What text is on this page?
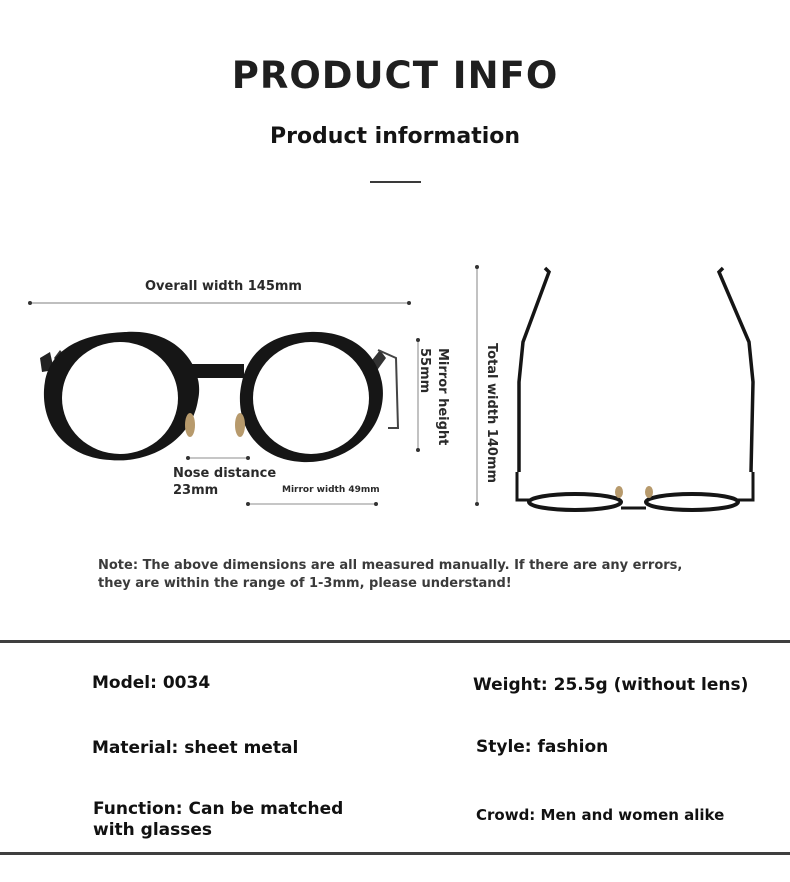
PRODUCT INFO
Product information
Overall width 145mm
Nose distance
23mm	Mirror width 49mm
Mirror height
55mm	Total width 140mm
Note: The above dimensions are all measured manually. If there are any errors, they are within the range of 1-3mm, please understand!
Model: 0034	Weight: 25.5g (without lens)
Material: sheet metal	Style: fashion
Function: Can be matched
with glasses
Crowd: Men and women alike
